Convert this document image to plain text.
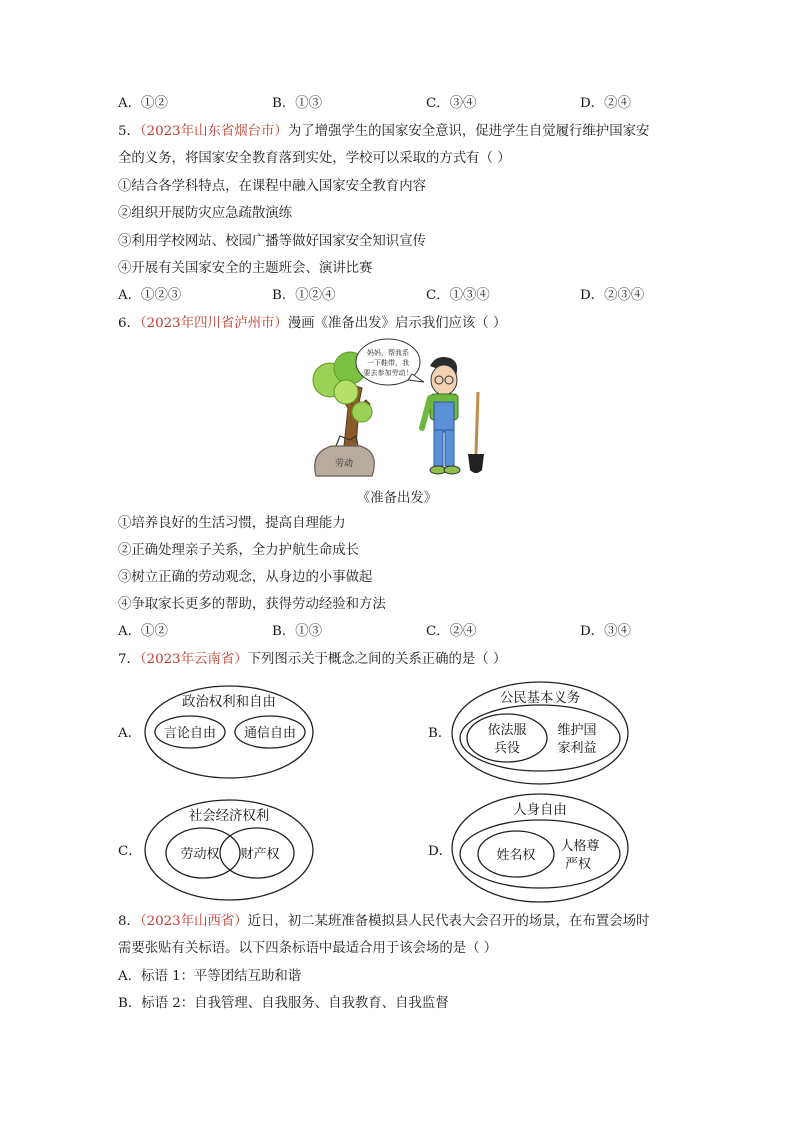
A．①②	B．①③	C．③④	D．②④
5．（2023年山东省烟台市）为了增强学生的国家安全意识，促进学生自觉履行维护国家安
全的义务，将国家安全教育落到实处，学校可以采取的方式有（ ）
①结合各学科特点，在课程中融入国家安全教育内容
②组织开展防灾应急疏散演练
③利用学校网站、校园广播等做好国家安全知识宣传
④开展有关国家安全的主题班会、演讲比赛
A．①②③	B．①②④	C．①③④	D．②③④
6．（2023年四川省泸州市）漫画《准备出发》启示我们应该（ ）
劳动
妈妈，帮我系
一下鞋带，我
要去参加劳动！
《准备出发》
①培养良好的生活习惯，提高自理能力
②正确处理亲子关系，全力护航生命成长
③树立正确的劳动观念，从身边的小事做起
④争取家长更多的帮助，获得劳动经验和方法
A．①②	B．①③	C．②④	D．③④
7．（2023年云南省）下列图示关于概念之间的关系正确的是（ ）
A．
政治权利和自由
言论自由 通信自由	B．
公民基本义务
依法服
兵役
维护国
家利益
C．
社会经济权利
劳动权 财产权	D．
人身自由
姓名权
人格尊
严权
8．（2023年山西省）近日，初二某班准备模拟县人民代表大会召开的场景，在布置会场时
需要张贴有关标语。以下四条标语中最适合用于该会场的是（ ）
A．标语 1：平等团结互助和谐
B．标语 2：自我管理、自我服务、自我教育、自我监督
